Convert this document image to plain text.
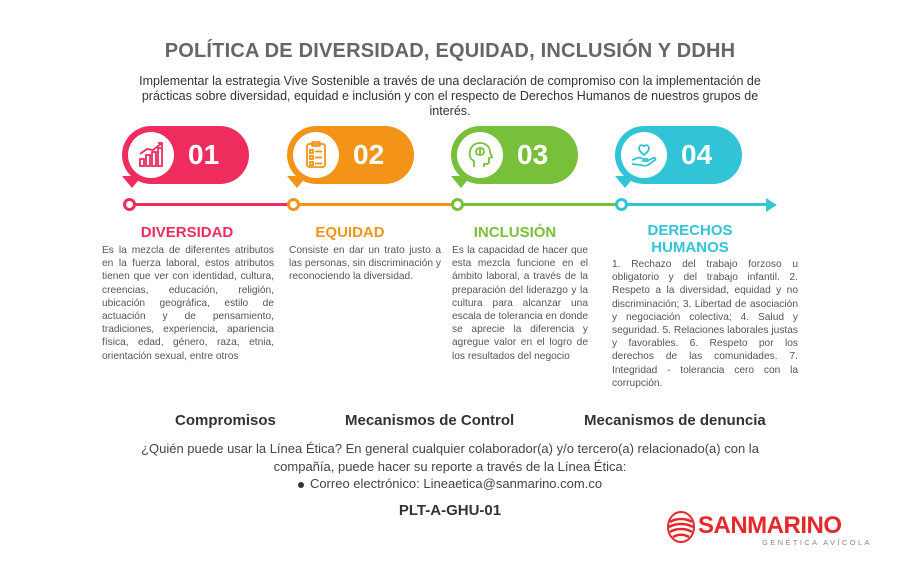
POLÍTICA DE DIVERSIDAD, EQUIDAD, INCLUSIÓN Y DDHH
Implementar la estrategia Vive Sostenible a través de una declaración de compromiso con la implementación de prácticas sobre diversidad, equidad e inclusión y con el respecto de Derechos Humanos de nuestros grupos de interés.
01	02	03	04
DIVERSIDAD	EQUIDAD	INCLUSIÓN	DERECHOS
HUMANOS
Es la mezcla de diferentes atributos en la fuerza laboral, estos atributos tienen que ver con identidad, cultura, creencias, educación, religión, ubicación geográfica, estilo de actuación y de pensamiento, tradiciones, experiencia, apariencia física, edad, género, raza, etnia, orientación sexual, entre otros
Consiste en dar un trato justo a las personas, sin discriminación y reconociendo la diversidad.
Es la capacidad de hacer que esta mezcla funcione en el ámbito laboral, a través de la preparación del liderazgo y la cultura para alcanzar una escala de tolerancia en donde se aprecie la diferencia y agregue valor en el logro de los resultados del negocio
1. Rechazo del trabajo forzoso u obligatorio y del trabajo infantil. 2. Respeto a la diversidad, equidad y no discriminación; 3. Libertad de asociación y negociación colectiva; 4. Salud y seguridad. 5. Relaciones laborales justas y favorables. 6. Respeto por los derechos de las comunidades. 7. Integridad - tolerancia cero con la corrupción.
Compromisos	Mecanismos de Control	Mecanismos de denuncia
¿Quién puede usar la Línea Ética? En general cualquier colaborador(a) y/o tercero(a) relacionado(a) con la compañía, puede hacer su reporte a través de la Línea Ética:
Correo electrónico: Lineaetica@sanmarino.com.co
PLT-A-GHU-01
SANMARINO
GENÉTICA AVÍCOLA
